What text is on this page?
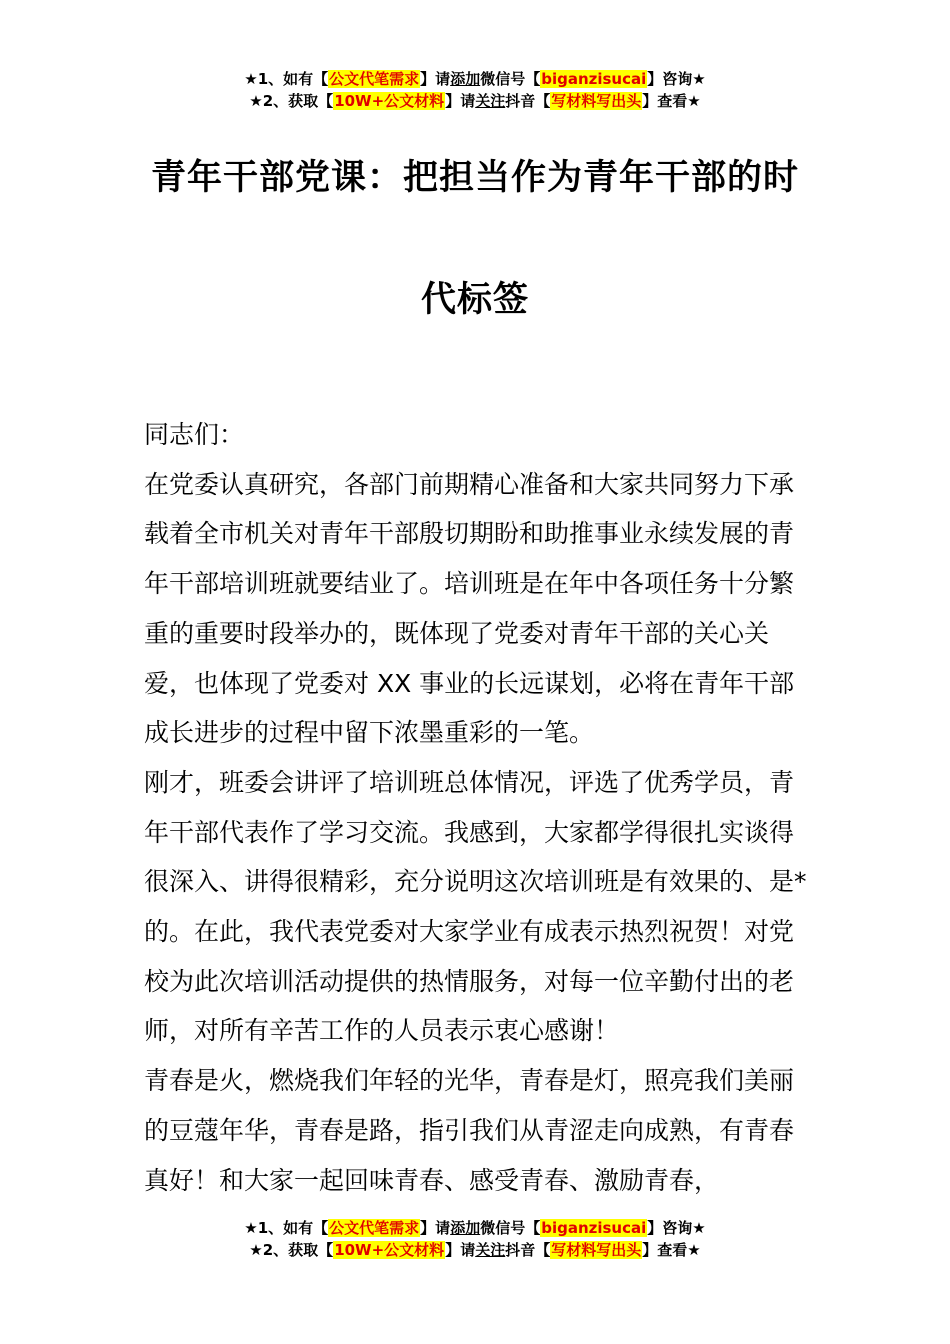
★1、如有【公文代笔需求】请添加微信号【biganzisucai】咨询★
★2、获取【10W+公文材料】请关注抖音【写材料写出头】查看★
青年干部党课：把担当作为青年干部的时
代标签

同志们：

在党委认真研究，各部门前期精心准备和大家共同努力下承载着全市机关对青年干部殷切期盼和助推事业永续发展的青年干部培训班就要结业了。培训班是在年中各项任务十分繁重的重要时段举办的，既体现了党委对青年干部的关心关爱，也体现了党委对 XX 事业的长远谋划，必将在青年干部成长进步的过程中留下浓墨重彩的一笔。

刚才，班委会讲评了培训班总体情况，评选了优秀学员，青年干部代表作了学习交流。我感到，大家都学得很扎实谈得很深入、讲得很精彩，充分说明这次培训班是有效果的、是*的。在此，我代表党委对大家学业有成表示热烈祝贺！对党校为此次培训活动提供的热情服务，对每一位辛勤付出的老师，对所有辛苦工作的人员表示衷心感谢！

青春是火，燃烧我们年轻的光华，青春是灯，照亮我们美丽的豆蔻年华，青春是路，指引我们从青涩走向成熟，有青春真好！和大家一起回味青春、感受青春、激励青春，

★1、如有【公文代笔需求】请添加微信号【biganzisucai】咨询★
★2、获取【10W+公文材料】请关注抖音【写材料写出头】查看★
